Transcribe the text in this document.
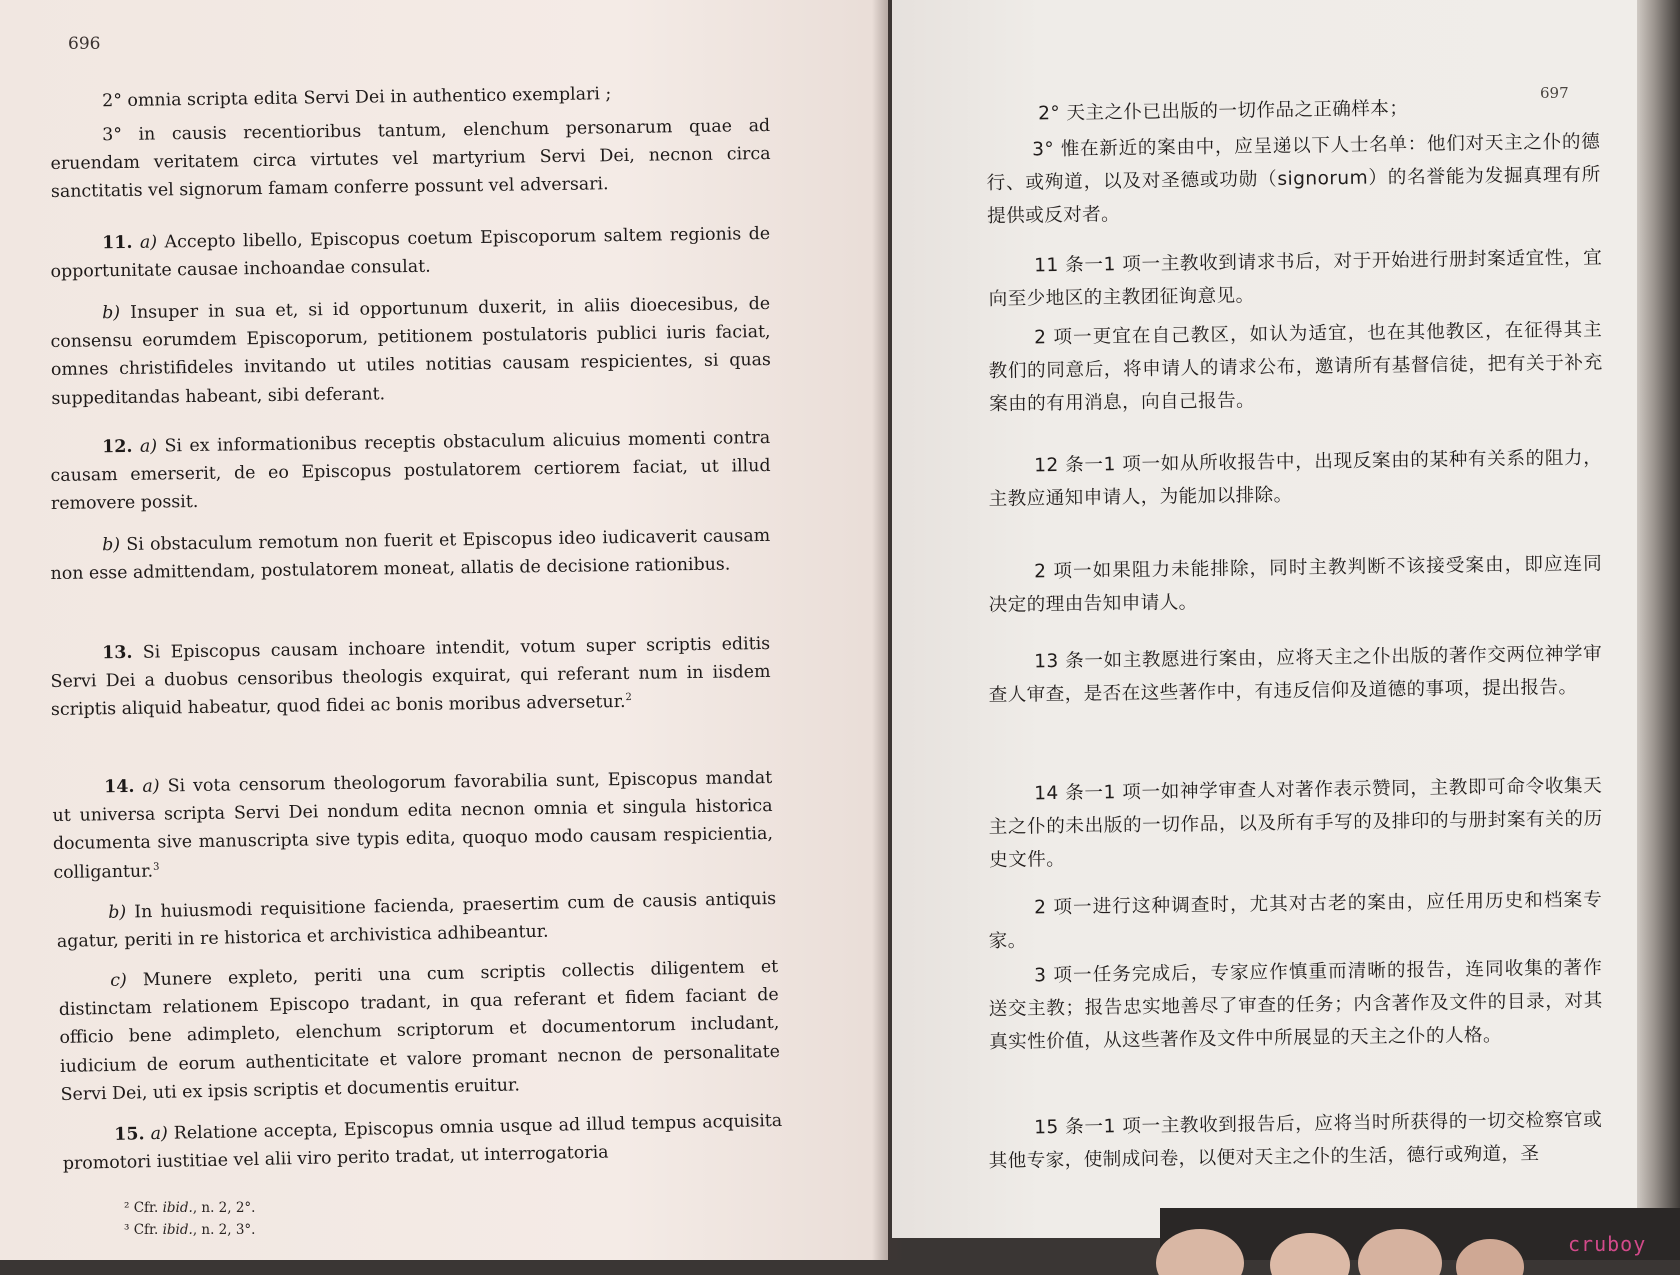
696

2° omnia scripta edita Servi Dei in authentico exemplari ;

3° in causis recentioribus tantum, elenchum personarum quae ad eruendam veritatem circa virtutes vel martyrium Servi Dei, necnon circa sanctitatis vel signorum famam conferre possunt vel adversari.

11. a) Accepto libello, Episcopus coetum Episcoporum saltem regionis de opportunitate causae inchoandae consulat.

b) Insuper in sua et, si id opportunum duxerit, in aliis dioecesibus, de consensu eorumdem Episcoporum, petitionem postulatoris publici iuris faciat, omnes christifideles invitando ut utiles notitias causam respicientes, si quas suppeditandas habeant, sibi deferant.

12. a) Si ex informationibus receptis obstaculum alicuius momenti contra causam emerserit, de eo Episcopus postulatorem certiorem faciat, ut illud removere possit.

b) Si obstaculum remotum non fuerit et Episcopus ideo iudicaverit causam non esse admittendam, postulatorem moneat, allatis de decisione rationibus.

13. Si Episcopus causam inchoare intendit, votum super scriptis editis Servi Dei a duobus censoribus theologis exquirat, qui referant num in iisdem scriptis aliquid habeatur, quod fidei ac bonis moribus adversetur.$^2$

14. a) Si vota censorum theologorum favorabilia sunt, Episcopus mandat ut universa scripta Servi Dei nondum edita necnon omnia et singula historica documenta sive manuscripta sive typis edita, quoquo modo causam respicientia, colligantur.$^3$

b) In huiusmodi requisitione facienda, praesertim cum de causis antiquis agatur, periti in re historica et archivistica adhibeantur.

c) Munere expleto, periti una cum scriptis collectis diligentem et distinctam relationem Episcopo tradant, in qua referant et fidem faciant de officio bene adimpleto, elenchum scriptorum et documentorum includant, iudicium de eorum authenticitate et valore promant necnon de personalitate Servi Dei, uti ex ipsis scriptis et documentis eruitur.

15. a) Relatione accepta, Episcopus omnia usque ad illud tempus acquisita promotori iustitiae vel alii viro perito tradat, ut interrogatoria

² Cfr. ibid., n. 2, 2°.
³ Cfr. ibid., n. 2, 3°.
697

2° 天主之仆已出版的一切作品之正确样本；

3° 惟在新近的案由中，应呈递以下人士名单：他们对天主之仆的德行、或殉道，以及对圣德或功勋（signorum）的名誉能为发掘真理有所提供或反对者。

11 条一1 项一主教收到请求书后，对于开始进行册封案适宜性，宜向至少地区的主教团征询意见。

2 项一更宜在自己教区，如认为适宜，也在其他教区，在征得其主教们的同意后，将申请人的请求公布，邀请所有基督信徒，把有关于补充案由的有用消息，向自己报告。

12 条一1 项一如从所收报告中，出现反案由的某种有关系的阻力，主教应通知申请人，为能加以排除。

2 项一如果阻力未能排除，同时主教判断不该接受案由，即应连同决定的理由告知申请人。

13 条一如主教愿进行案由，应将天主之仆出版的著作交两位神学审查人审查，是否在这些著作中，有违反信仰及道德的事项，提出报告。

14 条一1 项一如神学审查人对著作表示赞同，主教即可命令收集天主之仆的未出版的一切作品，以及所有手写的及排印的与册封案有关的历史文件。

2 项一进行这种调查时，尤其对古老的案由，应任用历史和档案专家。

3 项一任务完成后，专家应作慎重而清晰的报告，连同收集的著作送交主教；报告忠实地善尽了审查的任务；内含著作及文件的目录，对其真实性价值，从这些著作及文件中所展显的天主之仆的人格。

15 条一1 项一主教收到报告后，应将当时所获得的一切交检察官或其他专家，使制成问卷，以便对天主之仆的生活，德行或殉道，圣

cruboy
